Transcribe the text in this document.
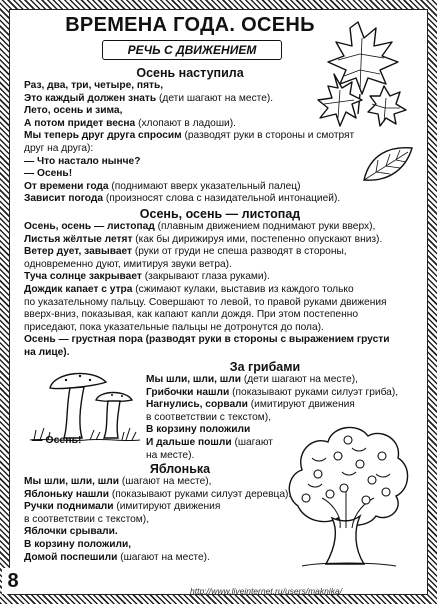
ВРЕМЕНА ГОДА. ОСЕНЬ
РЕЧЬ С ДВИЖЕНИЕМ
Осень наступила
Раз, два, три, четыре, пять,
Это каждый должен знать (дети шагают на месте).
Лето, осень и зима,
А потом придет весна (хлопают в ладоши).
Мы теперь друг друга спросим (разводят руки в стороны и смотрят
друг на друга):
— Что настало нынче?
— Осень!
От времени года (поднимают вверх указательный палец)
Зависит погода (произносят слова с назидательной интонацией).
Осень, осень — листопад
Осень, осень — листопад (плавным движением поднимают руки вверх),
Листья жёлтые летят (как бы дирижируя ими, постепенно опускают вниз).
Ветер дует, завывает (руки от груди не спеша разводят в стороны,
одновременно дуют, имитируя звуки ветра).
Туча солнце закрывает (закрывают глаза руками).
Дождик капает с утра (сжимают кулаки, выставив из каждого только
по указательному пальцу. Совершают то левой, то правой руками движения
вверх-вниз, показывая, как капают капли дождя. При этом постепенно
приседают, пока указательные пальцы не дотронутся до пола).
Осень — грустная пора (разводят руки в стороны с выражением грусти
на лице).
— Осень!
За грибами
Мы шли, шли, шли (дети шагают на месте),
Грибочки нашли (показывают руками силуэт гриба),
Нагнулись, сорвали (имитируют движения
в соответствии с текстом),
В корзину положили
И дальше пошли (шагают
на месте).
Яблонька
Мы шли, шли, шли (шагают на месте),
Яблоньку нашли (показывают руками силуэт деревца).
Ручки поднимали (имитируют движения
в соответствии с текстом),
Яблочки срывали.
В корзину положили,
Домой поспешили (шагают на месте).
8	http://www.liveinternet.ru/users/maknika/
